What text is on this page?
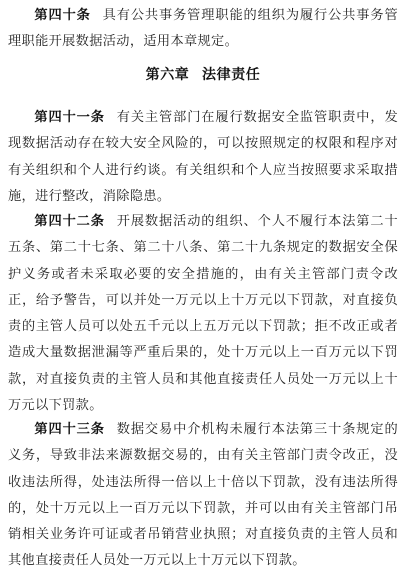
第四十条 具有公共事务管理职能的组织为履行公共事务管理职能开展数据活动，适用本章规定。

第六章 法律责任

第四十一条 有关主管部门在履行数据安全监管职责中，发现数据活动存在较大安全风险的，可以按照规定的权限和程序对有关组织和个人进行约谈。有关组织和个人应当按照要求采取措施，进行整改，消除隐患。

第四十二条 开展数据活动的组织、个人不履行本法第二十五条、第二十七条、第二十八条、第二十九条规定的数据安全保护义务或者未采取必要的安全措施的，由有关主管部门责令改正，给予警告，可以并处一万元以上十万元以下罚款，对直接负责的主管人员可以处五千元以上五万元以下罚款；拒不改正或者造成大量数据泄漏等严重后果的，处十万元以上一百万元以下罚款，对直接负责的主管人员和其他直接责任人员处一万元以上十万元以下罚款。

第四十三条 数据交易中介机构未履行本法第三十条规定的义务，导致非法来源数据交易的，由有关主管部门责令改正，没收违法所得，处违法所得一倍以上十倍以下罚款，没有违法所得的，处十万元以上一百万元以下罚款，并可以由有关主管部门吊销相关业务许可证或者吊销营业执照；对直接负责的主管人员和其他直接责任人员处一万元以上十万元以下罚款。
